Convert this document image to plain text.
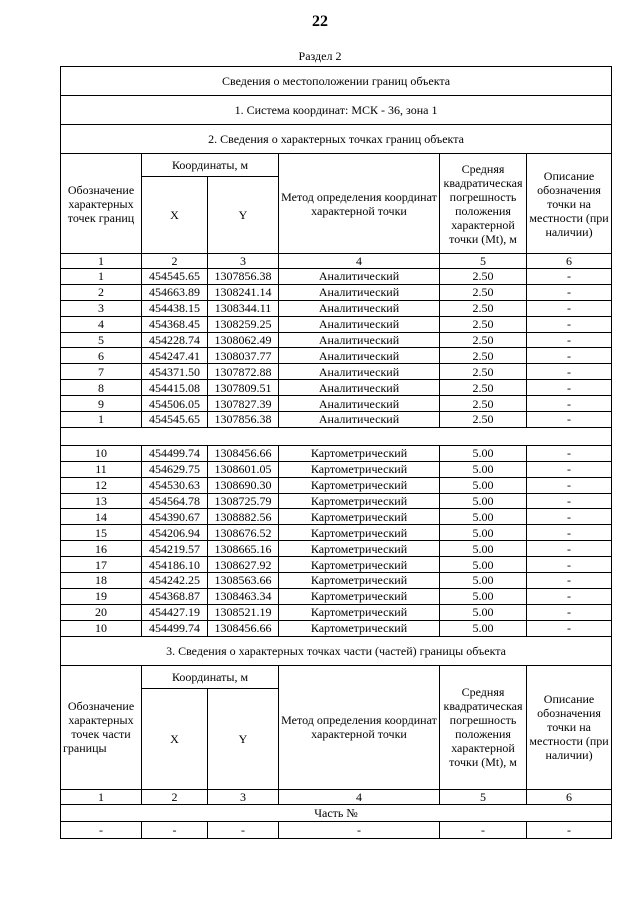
22
Раздел 2
Сведения о местоположении границ объекта					
1. Система координат: МСК - 36, зона 1					
2. Сведения о характерных точках границ объекта					
Обозначение характерных точек границ	Координаты, м		Метод определения координат характерной точки	Средняя квадратическая погрешность положения характерной точки (Mt), м	Описание обозначения точки на местности (при наличии)
	X	Y			
1	2	3	4	5	6
1	454545.65	1307856.38	Аналитический	2.50	-
2	454663.89	1308241.14	Аналитический	2.50	-
3	454438.15	1308344.11	Аналитический	2.50	-
4	454368.45	1308259.25	Аналитический	2.50	-
5	454228.74	1308062.49	Аналитический	2.50	-
6	454247.41	1308037.77	Аналитический	2.50	-
7	454371.50	1307872.88	Аналитический	2.50	-
8	454415.08	1307809.51	Аналитический	2.50	-
9	454506.05	1307827.39	Аналитический	2.50	-
1	454545.65	1307856.38	Аналитический	2.50	-

10	454499.74	1308456.66	Картометрический	5.00	-
11	454629.75	1308601.05	Картометрический	5.00	-
12	454530.63	1308690.30	Картометрический	5.00	-
13	454564.78	1308725.79	Картометрический	5.00	-
14	454390.67	1308882.56	Картометрический	5.00	-
15	454206.94	1308676.52	Картометрический	5.00	-
16	454219.57	1308665.16	Картометрический	5.00	-
17	454186.10	1308627.92	Картометрический	5.00	-
18	454242.25	1308563.66	Картометрический	5.00	-
19	454368.87	1308463.34	Картометрический	5.00	-
20	454427.19	1308521.19	Картометрический	5.00	-
10	454499.74	1308456.66	Картометрический	5.00	-
3. Сведения о характерных точках части (частей) границы объекта					
Обозначение характерных точек части границы	Координаты, м		Метод определения координат характерной точки	Средняя квадратическая погрешность положения характерной точки (Mt), м	Описание обозначения точки на местности (при наличии)
	X	Y			
1	2	3	4	5	6
Часть №					
-	-	-	-	-	-
